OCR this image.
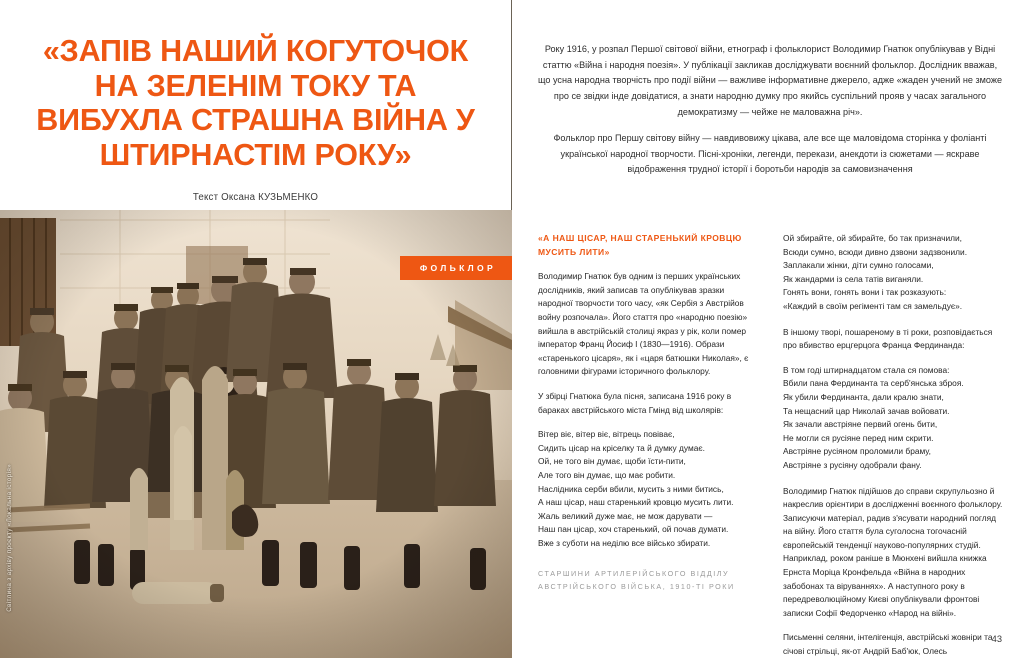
«ЗАПІВ НАШИЙ КОГУТОЧОК НА ЗЕЛЕНІМ ТОКУ ТА ВИБУХЛА СТРАШНА ВІЙНА У ШТИРНАСТІМ РОКУ»
Текст Оксана КУЗЬМЕНКО
ФОЛЬКЛОР
Світлина з архіву проєкту «Локальна історія»

Року 1916, у розпал Першої світової війни, етнограф і фольклорист Володимир Гнатюк опублікував у Відні статтю «Війна і народня поезія». У публікації закликав досліджувати воєнний фольклор. Дослідник вважав, що усна народна творчість про події війни — важливе інформативне джерело, адже «жаден учений не зможе про се звідки інде довідатися, а знати народню думку про якийсь суспільний прояв у часах загального демократизму — чейже не маловажна річ».

Фольклор про Першу світову війну — навдивовижу цікава, але все ще маловідома сторінка у фоліанті української народної творчости. Пісні-хроніки, легенди, перекази, анекдоти із сюжетами — яскраве відображення трудної історії і боротьби народів за самовизначення

«А НАШ ЦІСАР, НАШ СТАРЕНЬКИЙ КРОВЦЮ МУСИТЬ ЛИТИ»

Володимир Гнатюк був одним із перших українських дослідників, який записав та опублікував зразки народної творчости того часу, «як Сербія з Австрійов войну розпочала». Його стаття про «народню поезію» вийшла в австрійській столиці якраз у рік, коли помер імператор Франц Йосиф I (1830—1916). Образи «старенького цісаря», як і «царя батюшки Николая», є головними фігурами історичного фольклору.

У збірці Гнатюка була пісня, записана 1916 року в бараках австрійського міста Гмінд від школярів:

Вітер віє, вітер віє, вітрець повіває,
Сидить цісар на кріселку та й думку думає.
Ой, не того він думає, щоби їсти-пити,
Але того він думає, що має робити.
Наслідника серби вбили, мусить з ними битись,
А наш цісар, наш старенький кровцю мусить лити.
Жаль великий дуже має, не мож дарувати —
Наш пан цісар, хоч старенький, ой почав думати.
Вже з суботи на неділю все військо збирати.
СТАРШИНИ АРТИЛЕРІЙСЬКОГО ВІДДІЛУ АВСТРІЙСЬКОГО ВІЙСЬКА, 1910-ТІ РОКИ
Ой збирайте, ой збирайте, бо так призначили,
Всюди сумно, всюди дивно дзвони задзвонили.
Заплакали жінки, діти сумно голосами,
Як жандарми із села татів виганяли.
Гонять вони, гонять вони і так розказують:
«Каждий в своїм регіменті там ся замельдує».

В іншому творі, пошареному в ті роки, розповідається про вбивство ерцгерцога Франца Фердинанда:

В том годі штирнадцатом стала ся помова:
Вбили пана Фердинанта та серб'янська зброя.
Як убили Фердинанта, дали кралю знати,
Та нещасний цар Николай зачав войовати.
Як зачали австріяне первий огень бити,
Не могли ся русіяне перед ним скрити.
Австріяне русіяном проломили браму,
Австріяне з русіяну одобрали фану.

Володимир Гнатюк підійшов до справи скрупульозно й накреслив орієнтири в дослідженні воєнного фольклору. Записуючи матеріал, радив з'ясувати народний погляд на війну. Його стаття була суголосна тогочасній європейській тенденції науково-популярних студій. Наприклад, роком раніше в Мюнхені вийшла книжка Ернста Моріца Кронфельда «Війна в народних забобонах та віруваннях». А наступного року в передреволюційному Києві опублікували фронтові записки Софії Федорченко «Народ на війні».

Письменні селяни, інтелігенція, австрійські жовніри та січові стрільці, як-от Андрій Баб'юк, Олесь

43
